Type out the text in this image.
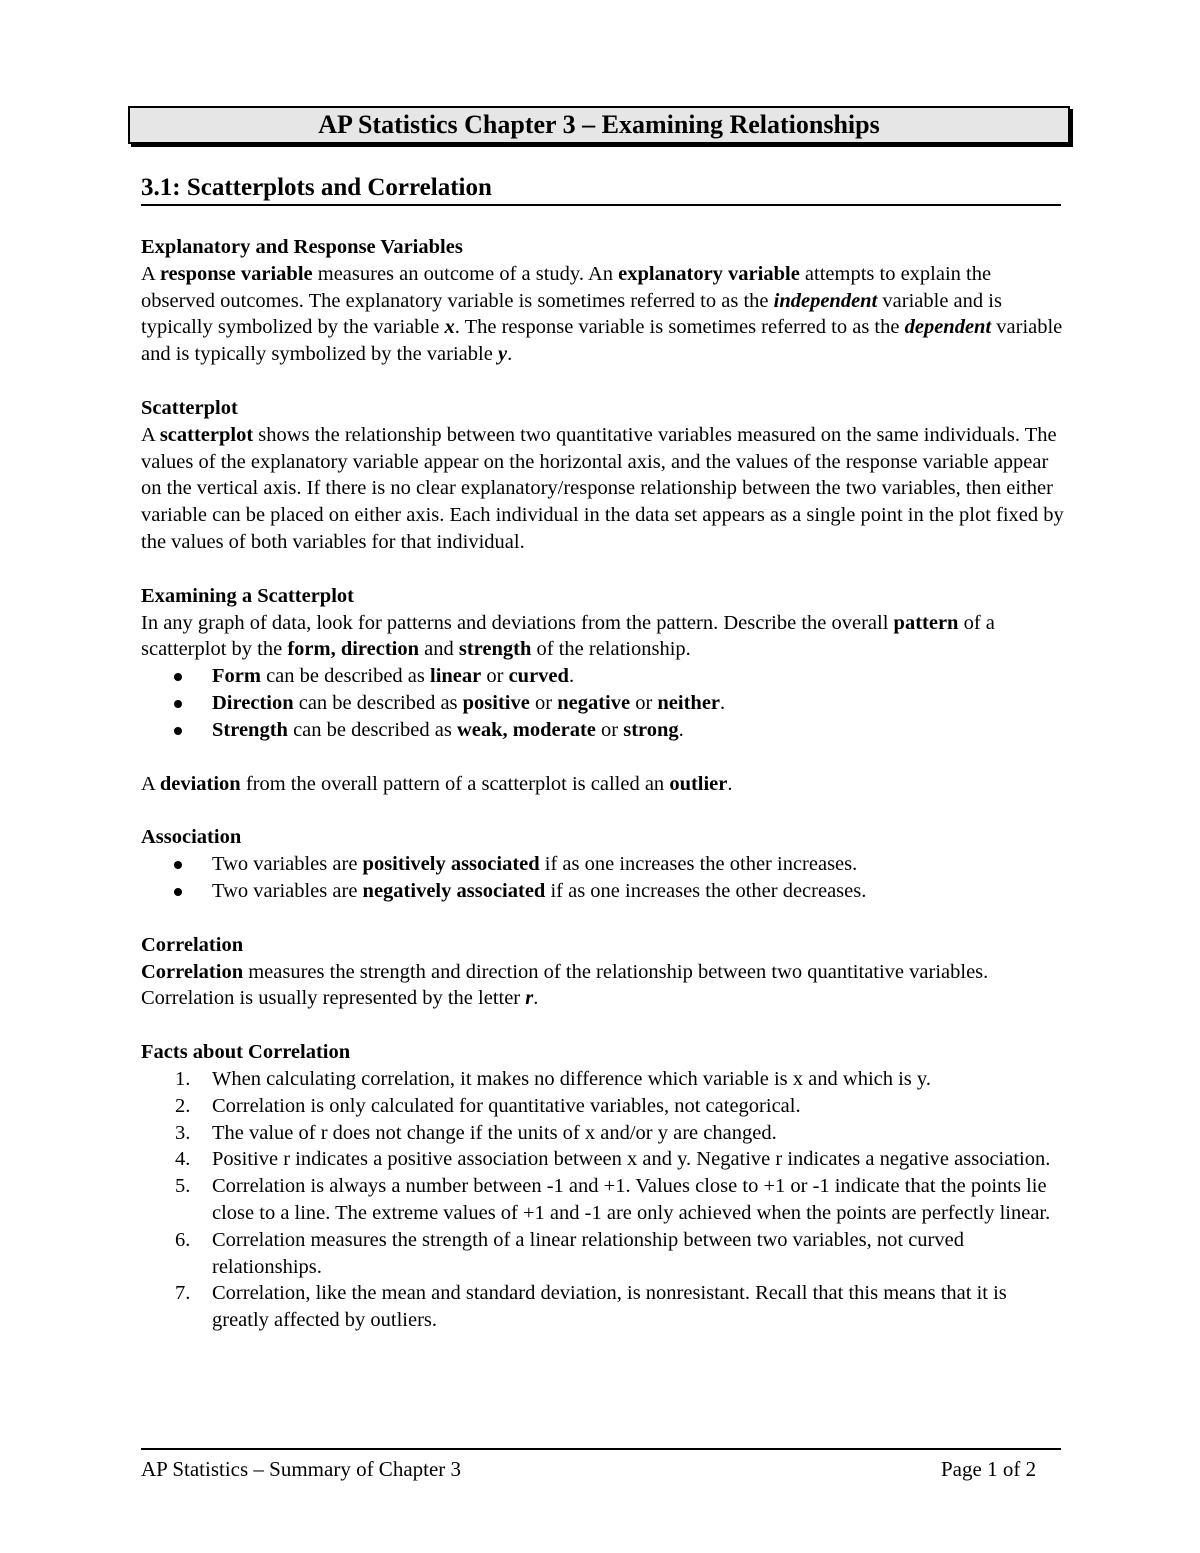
AP Statistics Chapter 3 – Examining Relationships
3.1: Scatterplots and Correlation

Explanatory and Response Variables

A response variable measures an outcome of a study. An explanatory variable attempts to explain the observed outcomes. The explanatory variable is sometimes referred to as the independent variable and is typically symbolized by the variable x. The response variable is sometimes referred to as the dependent variable and is typically symbolized by the variable y.

Scatterplot

A scatterplot shows the relationship between two quantitative variables measured on the same individuals. The values of the explanatory variable appear on the horizontal axis, and the values of the response variable appear on the vertical axis. If there is no clear explanatory/response relationship between the two variables, then either variable can be placed on either axis. Each individual in the data set appears as a single point in the plot fixed by the values of both variables for that individual.

Examining a Scatterplot

In any graph of data, look for patterns and deviations from the pattern. Describe the overall pattern of a scatterplot by the form, direction and strength of the relationship.

Form can be described as linear or curved.
Direction can be described as positive or negative or neither.
Strength can be described as weak, moderate or strong.

A deviation from the overall pattern of a scatterplot is called an outlier.

Association

Two variables are positively associated if as one increases the other increases.
Two variables are negatively associated if as one increases the other decreases.

Correlation

Correlation measures the strength and direction of the relationship between two quantitative variables. Correlation is usually represented by the letter r.

Facts about Correlation

1. When calculating correlation, it makes no difference which variable is x and which is y.
2. Correlation is only calculated for quantitative variables, not categorical.
3. The value of r does not change if the units of x and/or y are changed.
4. Positive r indicates a positive association between x and y. Negative r indicates a negative association.
5. Correlation is always a number between -1 and +1. Values close to +1 or -1 indicate that the points lie close to a line. The extreme values of +1 and -1 are only achieved when the points are perfectly linear.
6. Correlation measures the strength of a linear relationship between two variables, not curved relationships.
7. Correlation, like the mean and standard deviation, is nonresistant. Recall that this means that it is greatly affected by outliers.
AP Statistics – Summary of Chapter 3	Page 1 of 2
